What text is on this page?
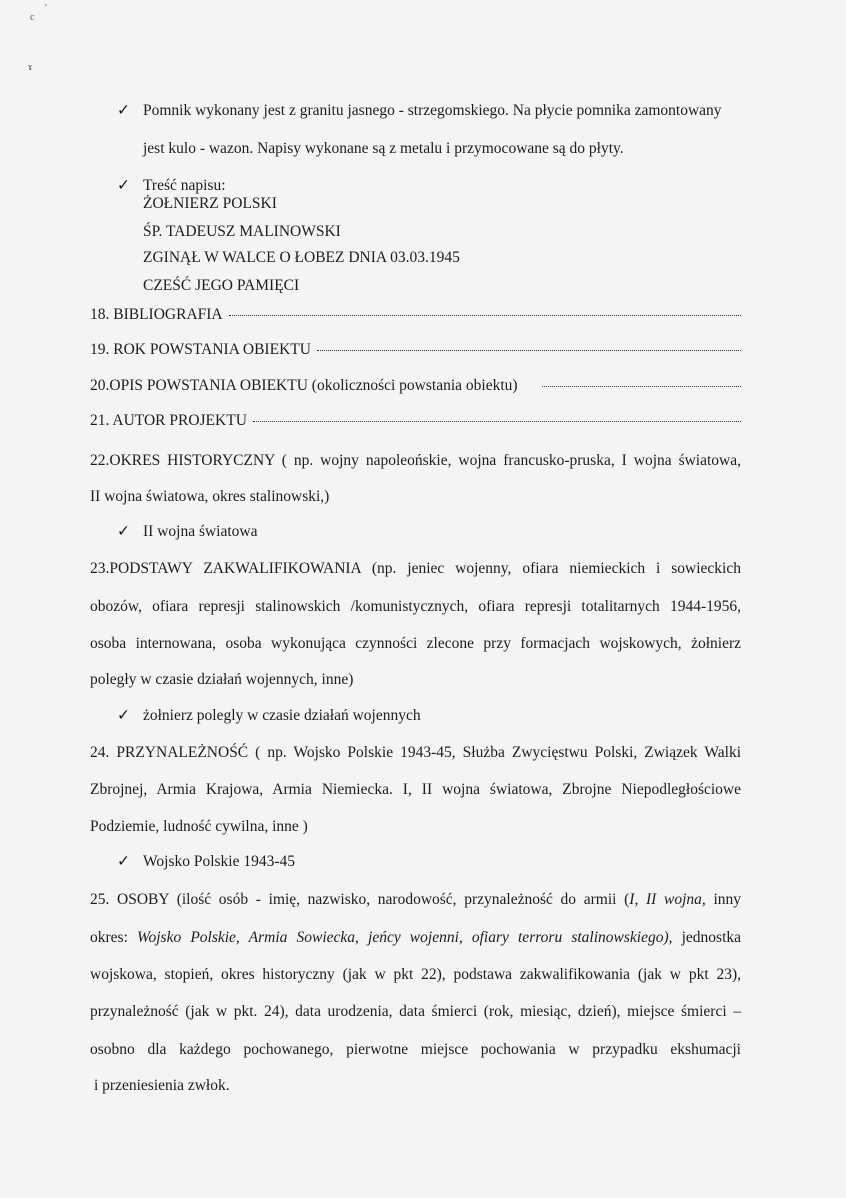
c
'
ɤ
✓ Pomnik wykonany jest z granitu jasnego - strzegomskiego. Na płycie pomnika zamontowany
jest kulo - wazon. Napisy wykonane są z metalu i przymocowane są do płyty.
✓ Treść napisu:
ŻOŁNIERZ POLSKI
ŚP. TADEUSZ MALINOWSKI
ZGINĄŁ W WALCE O ŁOBEZ DNIA 03.03.1945
CZEŚĆ JEGO PAMIĘCI
18. BIBLIOGRAFIA
19. ROK POWSTANIA OBIEKTU
20.OPIS POWSTANIA OBIEKTU (okoliczności powstania obiektu)
21. AUTOR PROJEKTU
22.OKRES HISTORYCZNY ( np. wojny napoleońskie, wojna francusko-pruska, I wojna światowa,
II wojna światowa, okres stalinowski,)
✓ II wojna światowa
23.PODSTAWY ZAKWALIFIKOWANIA (np. jeniec wojenny, ofiara niemieckich i sowieckich
obozów, ofiara represji stalinowskich /komunistycznych, ofiara represji totalitarnych 1944-1956,
osoba internowana, osoba wykonująca czynności zlecone przy formacjach wojskowych, żołnierz
poległy w czasie działań wojennych, inne)
✓ żołnierz polegly w czasie działań wojennych
24. PRZYNALEŻNOŚĆ ( np. Wojsko Polskie 1943-45, Służba Zwycięstwu Polski, Związek Walki
Zbrojnej, Armia Krajowa, Armia Niemiecka. I, II wojna światowa, Zbrojne Niepodległościowe
Podziemie, ludność cywilna, inne )
✓ Wojsko Polskie 1943-45
25. OSOBY (ilość osób - imię, nazwisko, narodowość, przynależność do armii (I, II wojna, inny
okres: Wojsko Polskie, Armia Sowiecka, jeńcy wojenni, ofiary terroru stalinowskiego), jednostka
wojskowa, stopień, okres historyczny (jak w pkt 22), podstawa zakwalifikowania (jak w pkt 23),
przynależność (jak w pkt. 24), data urodzenia, data śmierci (rok, miesiąc, dzień), miejsce śmierci –
osobno dla każdego pochowanego, pierwotne miejsce pochowania w przypadku ekshumacji
i przeniesienia zwłok.
